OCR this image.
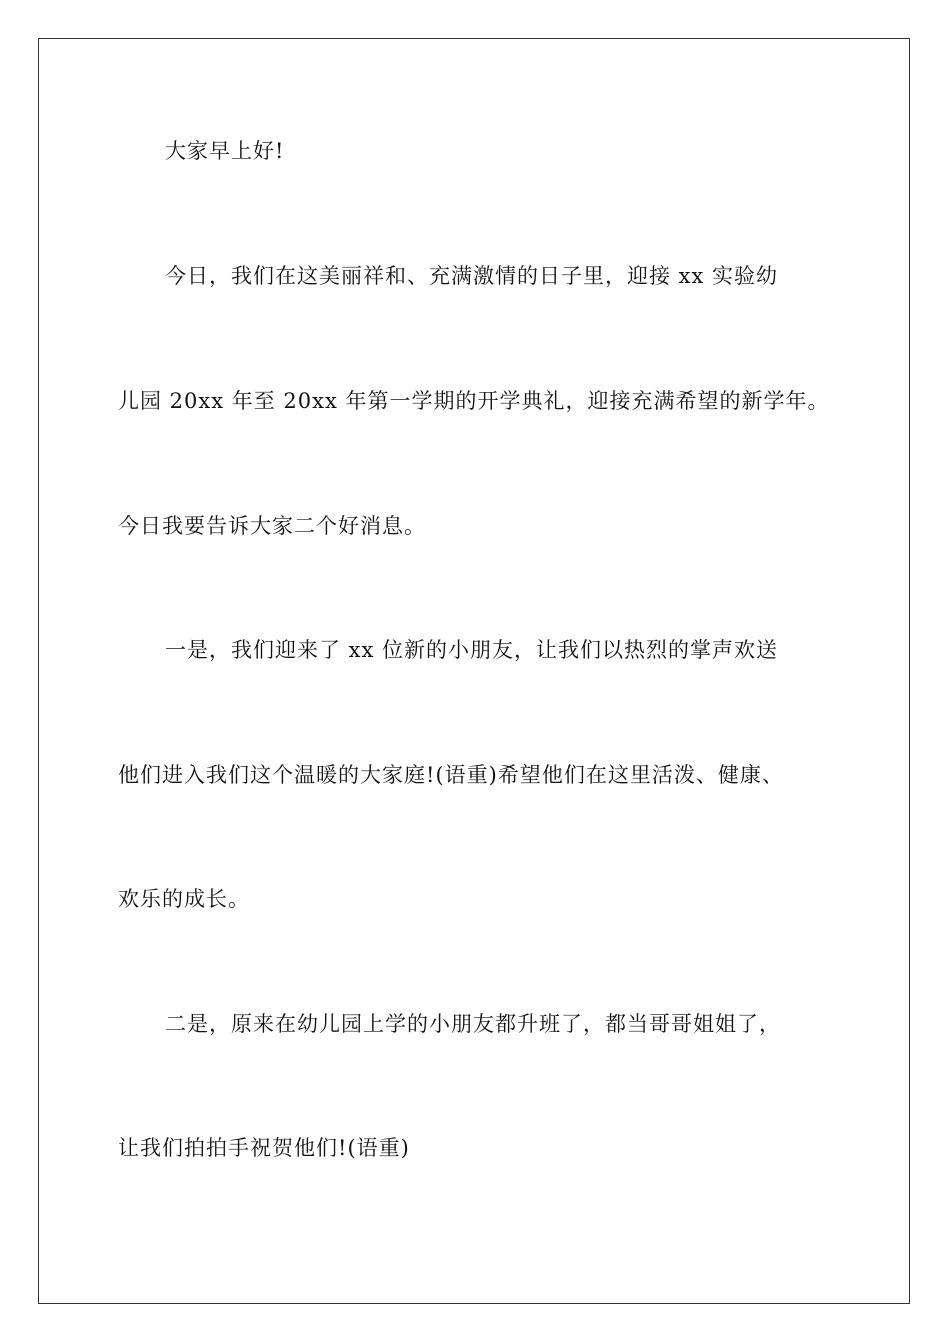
大家早上好!
今日，我们在这美丽祥和、充满激情的日子里，迎接 xx 实验幼
儿园 20xx 年至 20xx 年第一学期的开学典礼，迎接充满希望的新学年。
今日我要告诉大家二个好消息。
一是，我们迎来了 xx 位新的小朋友，让我们以热烈的掌声欢送
他们进入我们这个温暖的大家庭!(语重)希望他们在这里活泼、健康、
欢乐的成长。
二是，原来在幼儿园上学的小朋友都升班了，都当哥哥姐姐了，
让我们拍拍手祝贺他们!(语重)
